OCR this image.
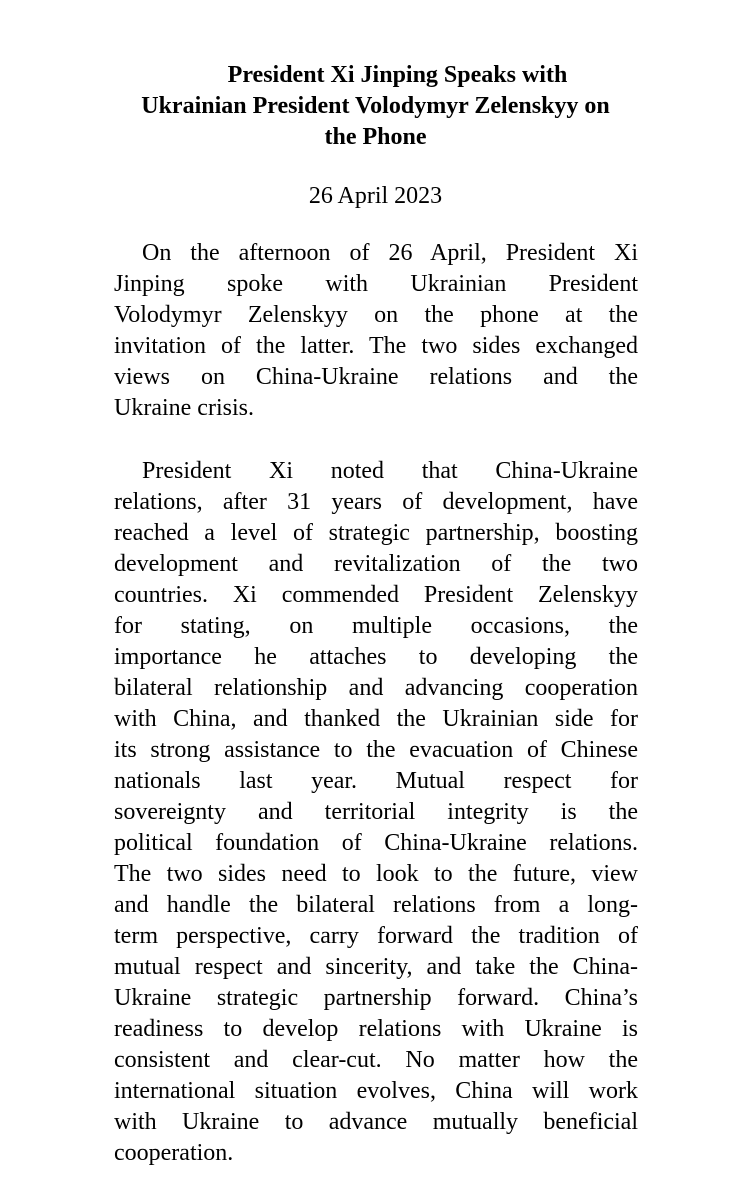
President Xi Jinping Speaks with
Ukrainian President Volodymyr Zelenskyy on
the Phone

26 April 2023

On the afternoon of 26 April, President Xi
Jinping spoke with Ukrainian President
Volodymyr Zelenskyy on the phone at the
invitation of the latter. The two sides exchanged
views on China-Ukraine relations and the
Ukraine crisis.

President Xi noted that China-Ukraine
relations, after 31 years of development, have
reached a level of strategic partnership, boosting
development and revitalization of the two
countries. Xi commended President Zelenskyy
for stating, on multiple occasions, the
importance he attaches to developing the
bilateral relationship and advancing cooperation
with China, and thanked the Ukrainian side for
its strong assistance to the evacuation of Chinese
nationals last year. Mutual respect for
sovereignty and territorial integrity is the
political foundation of China-Ukraine relations.
The two sides need to look to the future, view
and handle the bilateral relations from a long-
term perspective, carry forward the tradition of
mutual respect and sincerity, and take the China-
Ukraine strategic partnership forward. China’s
readiness to develop relations with Ukraine is
consistent and clear-cut. No matter how the
international situation evolves, China will work
with Ukraine to advance mutually beneficial
cooperation.
